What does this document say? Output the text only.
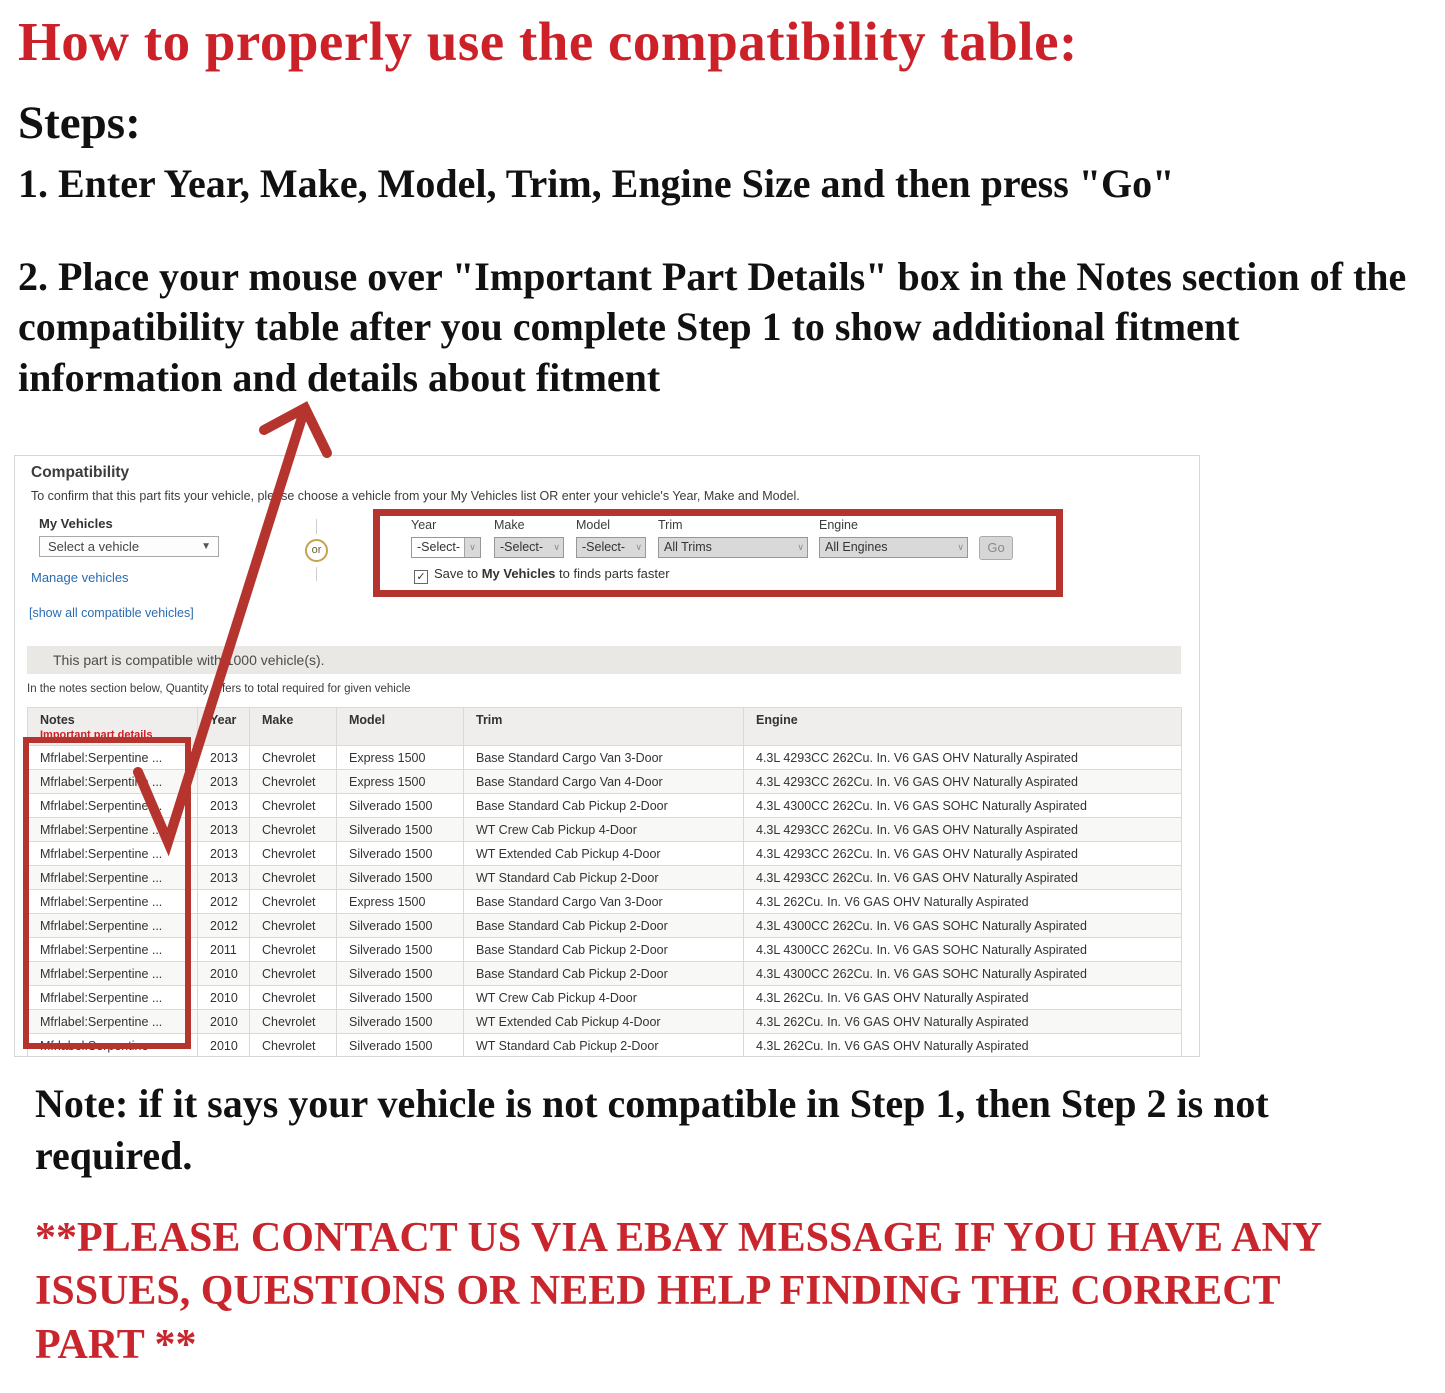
How to properly use the compatibility table:
Steps:
1. Enter Year, Make, Model, Trim, Engine Size and then press "Go"
2. Place your mouse over "Important Part Details" box in the Notes section of the compatibility table after you complete Step 1 to show additional fitment information and details about fitment
Compatibility
To confirm that this part fits your vehicle, please choose a vehicle from your My Vehicles list OR enter your vehicle's Year, Make and Model.
My Vehicles
Select a vehicle	▼
Manage vehicles
[show all compatible vehicles]
or
Year	Make	Model	Trim	Engine
-Select-	∨	-Select- ∨	-Select- ∨	All Trims	∨	All Engines	∨	Go
✓ Save to My Vehicles to finds parts faster
This part is compatible with 1000 vehicle(s).
In the notes section below, Quantity refers to total required for given vehicle
Notes
Important part details	Year	Make	Model	Trim	Engine
Mfrlabel:Serpentine ...	2013	Chevrolet	Express 1500	Base Standard Cargo Van 3-Door	4.3L 4293CC 262Cu. In. V6 GAS OHV Naturally Aspirated
Mfrlabel:Serpentine ...	2013	Chevrolet	Express 1500	Base Standard Cargo Van 4-Door	4.3L 4293CC 262Cu. In. V6 GAS OHV Naturally Aspirated
Mfrlabel:Serpentine ...	2013	Chevrolet	Silverado 1500	Base Standard Cab Pickup 2-Door	4.3L 4300CC 262Cu. In. V6 GAS SOHC Naturally Aspirated
Mfrlabel:Serpentine ...	2013	Chevrolet	Silverado 1500	WT Crew Cab Pickup 4-Door	4.3L 4293CC 262Cu. In. V6 GAS OHV Naturally Aspirated
Mfrlabel:Serpentine ...	2013	Chevrolet	Silverado 1500	WT Extended Cab Pickup 4-Door	4.3L 4293CC 262Cu. In. V6 GAS OHV Naturally Aspirated
Mfrlabel:Serpentine ...	2013	Chevrolet	Silverado 1500	WT Standard Cab Pickup 2-Door	4.3L 4293CC 262Cu. In. V6 GAS OHV Naturally Aspirated
Mfrlabel:Serpentine ...	2012	Chevrolet	Express 1500	Base Standard Cargo Van 3-Door	4.3L 262Cu. In. V6 GAS OHV Naturally Aspirated
Mfrlabel:Serpentine ...	2012	Chevrolet	Silverado 1500	Base Standard Cab Pickup 2-Door	4.3L 4300CC 262Cu. In. V6 GAS SOHC Naturally Aspirated
Mfrlabel:Serpentine ...	2011	Chevrolet	Silverado 1500	Base Standard Cab Pickup 2-Door	4.3L 4300CC 262Cu. In. V6 GAS SOHC Naturally Aspirated
Mfrlabel:Serpentine ...	2010	Chevrolet	Silverado 1500	Base Standard Cab Pickup 2-Door	4.3L 4300CC 262Cu. In. V6 GAS SOHC Naturally Aspirated
Mfrlabel:Serpentine ...	2010	Chevrolet	Silverado 1500	WT Crew Cab Pickup 4-Door	4.3L 262Cu. In. V6 GAS OHV Naturally Aspirated
Mfrlabel:Serpentine ...	2010	Chevrolet	Silverado 1500	WT Extended Cab Pickup 4-Door	4.3L 262Cu. In. V6 GAS OHV Naturally Aspirated
Mfrlabel:Serpentine	2010	Chevrolet	Silverado 1500	WT Standard Cab Pickup 2-Door	4.3L 262Cu. In. V6 GAS OHV Naturally Aspirated
Note: if it says your vehicle is not compatible in Step 1, then Step 2 is not required.
**PLEASE CONTACT US VIA EBAY MESSAGE IF YOU HAVE ANY ISSUES, QUESTIONS OR NEED HELP FINDING THE CORRECT PART **
